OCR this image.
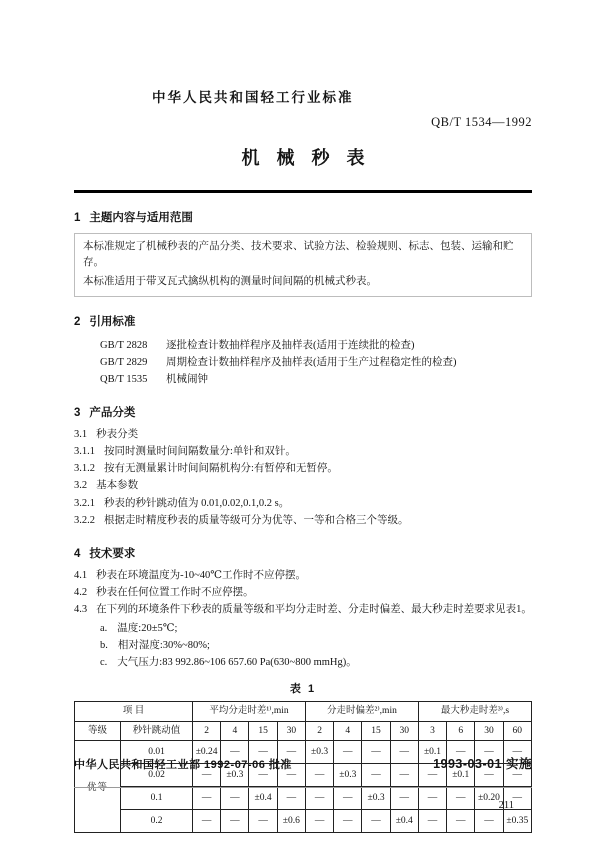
中华人民共和国轻工行业标准
QB/T 1534—1992
机 械 秒 表
1 主题内容与适用范围

本标准规定了机械秒表的产品分类、技术要求、试验方法、检验规则、标志、包装、运输和贮存。

本标准适用于带叉瓦式擒纵机构的测量时间间隔的机械式秒表。

2 引用标准
GB/T 2828 逐批检查计数抽样程序及抽样表(适用于连续批的检查)
GB/T 2829 周期检查计数抽样程序及抽样表(适用于生产过程稳定性的检查)
QB/T 1535 机械闹钟
3 产品分类
3.1 秒表分类
3.1.1 按同时测量时间间隔数量分:单针和双针。
3.1.2 按有无测量累计时间间隔机构分:有暂停和无暂停。
3.2 基本参数
3.2.1 秒表的秒针跳动值为 0.01,0.02,0.1,0.2 s。
3.2.2 根据走时精度秒表的质量等级可分为优等、一等和合格三个等级。
4 技术要求
4.1 秒表在环境温度为-10~40℃工作时不应停摆。
4.2 秒表在任何位置工作时不应停摆。
4.3 在下列的环境条件下秒表的质量等级和平均分走时差、分走时偏差、最大秒走时差要求见表1。
a. 温度:20±5℃;
b. 相对湿度:30%~80%;
c. 大气压力:83 992.86~106 657.60 Pa(630~800 mmHg)。
表 1
项 目		平均分走时差¹⁾,min				分走时偏差²⁾,min				最大秒走时差³⁾,s			
等级	秒针跳动值	2	4	15	30	2	4	15	30	3	6	30	60
优等	0.01	±0.24	—	—	—	±0.3	—	—	—	±0.1	—	—	—
	0.02	—	±0.3	—	—	—	±0.3	—	—	—	±0.1	—	—
	0.1	—	—	±0.4	—	—	—	±0.3	—	—	—	±0.20	—
	0.2	—	—	—	±0.6	—	—	—	±0.4	—	—	—	±0.35
中华人民共和国轻工业部 1992-07-06 批准	1993-03-01 实施
211
